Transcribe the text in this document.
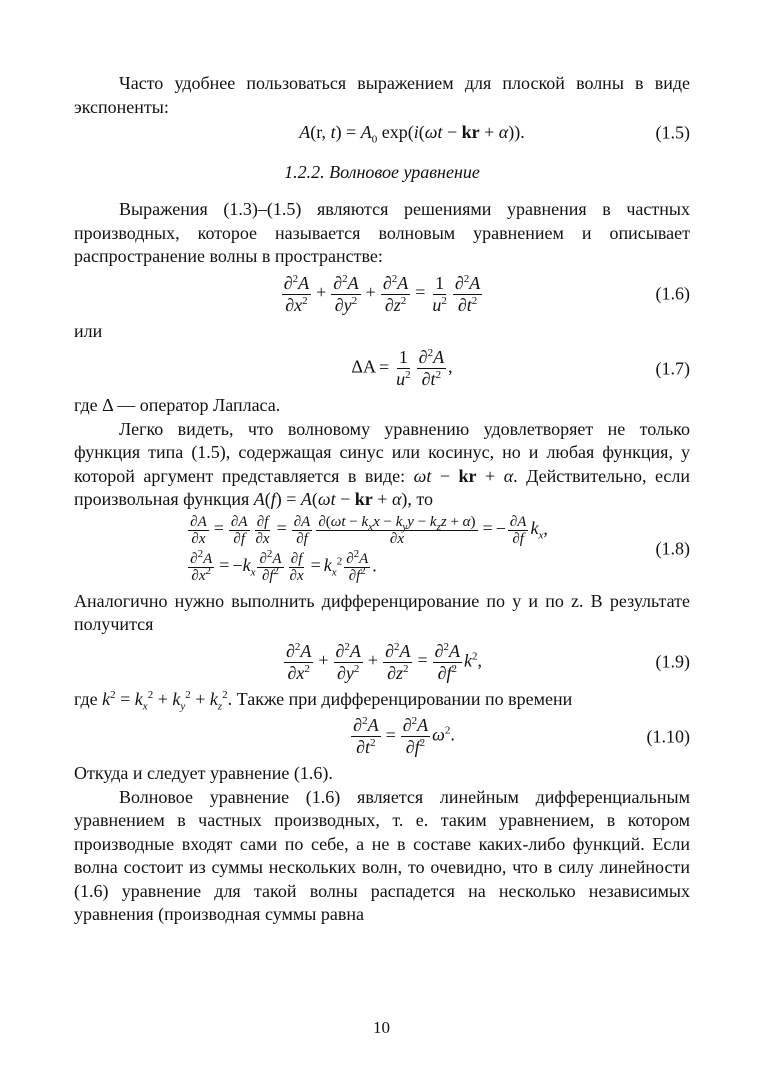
Часто удобнее пользоваться выражением для плоской волны в виде экспоненты:

A(r, $t) = A_0$ exp(i(ωt − kr + α)).	(1.5)

1.2.2. Волновое уравнение

Выражения (1.3)–(1.5) являются решениями уравнения в частных производных, которое называется волновым уравнением и описывает распространение волны в пространстве:

$\frac{\partial^2A}{\partial x^2} + \frac{\partial^2A}{\partial y^2} + \frac{\partial^2A}{\partial z^2} = \frac{1}{u^2} \frac{\partial^2A}{\partial t^2}$	(1.6)

или

$\Delta A = \frac{1}{u^2} \frac{\partial^2A}{\partial t^2}$ ,	(1.7)

где Δ — оператор Лапласа.

Легко видеть, что волновому уравнению удовлетворяет не только функция типа (1.5), содержащая синус или косинус, но и любая функция, у которой аргумент представляется в виде: ωt − kr + α. Действительно, если произвольная функция A(f) = A(ωt − kr + α), то

$\frac{\partial A}{\partial x} = \frac{\partial A}{\partial f} \frac{\partial f}{\partial x} = \frac{\partial A}{\partial f} \frac{\partial(\omega t - k_xx - k_yy - k_zz + \alpha)}{\partial x}$ = − $\frac{\partial A}{\partial f} k_x$,
$\frac{\partial^2A}{\partial x^2} = -k_x \frac{\partial^2A}{\partial f^2} \frac{\partial f}{\partial x} = k_x^2 \frac{\partial^2A}{\partial f^2}$ .
(1.8)

Аналогично нужно выполнить дифференцирование по y и по z. В результате получится

$\frac{\partial^2A}{\partial x^2} + \frac{\partial^2A}{\partial y^2} + \frac{\partial^2A}{\partial z^2} = \frac{\partial^2A}{\partial f^2} k^2$,	(1.9)

где $k^2 = k_x^2 + k_y^2 + k_z^2$. Также при дифференцировании по времени

$\frac{\partial^2A}{\partial t^2} = \frac{\partial^2A}{\partial f^2} \omega^2$.	(1.10)

Откуда и следует уравнение (1.6).

Волновое уравнение (1.6) является линейным дифференциальным уравнением в частных производных, т. е. таким уравнением, в котором производные входят сами по себе, а не в составе каких-либо функций. Если волна состоит из суммы нескольких волн, то очевидно, что в силу линейности (1.6) уравнение для такой волны распадется на несколько независимых уравнения (производная суммы равна

10
